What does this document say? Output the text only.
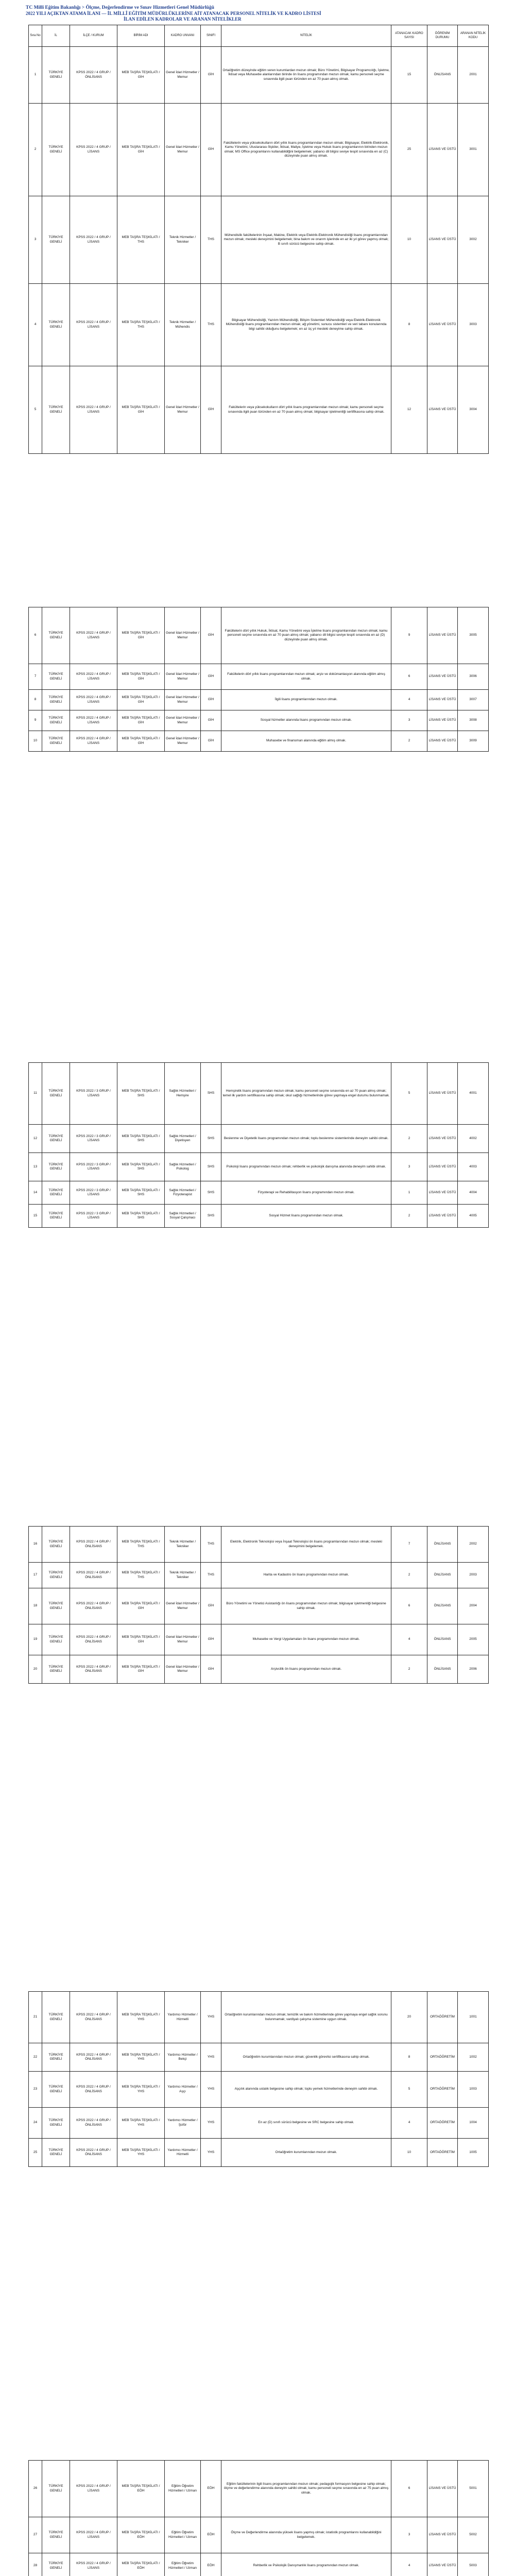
TC Millî Eğitim Bakanlığı > Ölçme, Değerlendirme ve Sınav Hizmetleri Genel Müdürlüğü
2022 YILI AÇIKTAN ATAMA İLANI — İL MİLLÎ EĞİTİM MÜDÜRLÜKLERİNE AİT ATANACAK PERSONEL NİTELİK VE KADRO LİSTESİ
İLAN EDİLEN KADROLAR VE ARANAN NİTELİKLER
Sıra No	İL	İLÇE / KURUM	BİRİM ADI	KADRO UNVANI	SINIFI	NİTELİK	ATANACAK KADRO SAYISI	ÖĞRENİM DURUMU	ARANAN NİTELİK KODU
1	TÜRKİYE GENELİ	KPSS 2022 / 4 GRUP / ÖNLİSANS	MEB TAŞRA TEŞKİLATI / GİH	Genel İdari Hizmetler / Memur	GİH	Ortaöğretim düzeyinde eğitim veren kurumlardan mezun olmak; Büro Yönetimi, Bilgisayar Programcılığı, İşletme, İktisat veya Muhasebe alanlarından birinde ön lisans programından mezun olmak; kamu personeli seçme sınavında ilgili puan türünden en az 70 puan almış olmak.	15	ÖNLİSANS	2001
2	TÜRKİYE GENELİ	KPSS 2022 / 4 GRUP / LİSANS	MEB TAŞRA TEŞKİLATI / GİH	Genel İdari Hizmetler / Memur	GİH	Fakültelerin veya yüksekokulların dört yıllık lisans programlarından mezun olmak; Bilgisayar, Elektrik-Elektronik, Kamu Yönetimi, Uluslararası İlişkiler, İktisat, Maliye, İşletme veya Hukuk lisans programlarının birinden mezun olmak; MS Office programlarını kullanabildiğini belgelemek; yabancı dil bilgisi seviye tespit sınavında en az (C) düzeyinde puan almış olmak.	25	LİSANS VE ÜSTÜ	3001
3	TÜRKİYE GENELİ	KPSS 2022 / 4 GRUP / LİSANS	MEB TAŞRA TEŞKİLATI / THS	Teknik Hizmetler / Tekniker	THS	Mühendislik fakültelerinin İnşaat, Makine, Elektrik veya Elektrik-Elektronik Mühendisliği lisans programlarından mezun olmak; mesleki deneyimini belgelemek; bina bakım ve onarım işlerinde en az iki yıl görev yapmış olmak; B sınıfı sürücü belgesine sahip olmak.	10	LİSANS VE ÜSTÜ	3002
4	TÜRKİYE GENELİ	KPSS 2022 / 4 GRUP / LİSANS	MEB TAŞRA TEŞKİLATI / THS	Teknik Hizmetler / Mühendis	THS	Bilgisayar Mühendisliği, Yazılım Mühendisliği, Bilişim Sistemleri Mühendisliği veya Elektrik-Elektronik Mühendisliği lisans programlarından mezun olmak; ağ yönetimi, sunucu sistemleri ve veri tabanı konularında bilgi sahibi olduğunu belgelemek; en az üç yıl mesleki deneyime sahip olmak.	8	LİSANS VE ÜSTÜ	3003
5	TÜRKİYE GENELİ	KPSS 2022 / 4 GRUP / LİSANS	MEB TAŞRA TEŞKİLATI / GİH	Genel İdari Hizmetler / Memur	GİH	Fakültelerin veya yüksekokulların dört yıllık lisans programlarından mezun olmak; kamu personeli seçme sınavında ilgili puan türünden en az 70 puan almış olmak; bilgisayar işletmenliği sertifikasına sahip olmak.	12	LİSANS VE ÜSTÜ	3004
6	TÜRKİYE GENELİ	KPSS 2022 / 4 GRUP / LİSANS	MEB TAŞRA TEŞKİLATI / GİH	Genel İdari Hizmetler / Memur	GİH	Fakültelerin dört yıllık Hukuk, İktisat, Kamu Yönetimi veya İşletme lisans programlarından mezun olmak; kamu personeli seçme sınavında en az 70 puan almış olmak; yabancı dil bilgisi seviye tespit sınavında en az (D) düzeyinde puan almış olmak.	9	LİSANS VE ÜSTÜ	3005
7	TÜRKİYE GENELİ	KPSS 2022 / 4 GRUP / LİSANS	MEB TAŞRA TEŞKİLATI / GİH	Genel İdari Hizmetler / Memur	GİH	Fakültelerin dört yıllık lisans programlarından mezun olmak; arşiv ve dokümantasyon alanında eğitim almış olmak.	6	LİSANS VE ÜSTÜ	3006
8	TÜRKİYE GENELİ	KPSS 2022 / 4 GRUP / LİSANS	MEB TAŞRA TEŞKİLATI / GİH	Genel İdari Hizmetler / Memur	GİH	İlgili lisans programlarından mezun olmak.	4	LİSANS VE ÜSTÜ	3007
9	TÜRKİYE GENELİ	KPSS 2022 / 4 GRUP / LİSANS	MEB TAŞRA TEŞKİLATI / GİH	Genel İdari Hizmetler / Memur	GİH	Sosyal hizmetler alanında lisans programından mezun olmak.	3	LİSANS VE ÜSTÜ	3008
10	TÜRKİYE GENELİ	KPSS 2022 / 4 GRUP / LİSANS	MEB TAŞRA TEŞKİLATI / GİH	Genel İdari Hizmetler / Memur	GİH	Muhasebe ve finansman alanında eğitim almış olmak.	2	LİSANS VE ÜSTÜ	3009
11	TÜRKİYE GENELİ	KPSS 2022 / 3 GRUP / LİSANS	MEB TAŞRA TEŞKİLATI / SHS	Sağlık Hizmetleri / Hemşire	SHS	Hemşirelik lisans programından mezun olmak; kamu personeli seçme sınavında en az 70 puan almış olmak; temel ilk yardım sertifikasına sahip olmak; okul sağlığı hizmetlerinde görev yapmaya engel durumu bulunmamak.	5	LİSANS VE ÜSTÜ	4001
12	TÜRKİYE GENELİ	KPSS 2022 / 3 GRUP / LİSANS	MEB TAŞRA TEŞKİLATI / SHS	Sağlık Hizmetleri / Diyetisyen	SHS	Beslenme ve Diyetetik lisans programından mezun olmak; toplu beslenme sistemlerinde deneyim sahibi olmak.	2	LİSANS VE ÜSTÜ	4002
13	TÜRKİYE GENELİ	KPSS 2022 / 3 GRUP / LİSANS	MEB TAŞRA TEŞKİLATI / SHS	Sağlık Hizmetleri / Psikolog	SHS	Psikoloji lisans programından mezun olmak; rehberlik ve psikolojik danışma alanında deneyim sahibi olmak.	3	LİSANS VE ÜSTÜ	4003
14	TÜRKİYE GENELİ	KPSS 2022 / 3 GRUP / LİSANS	MEB TAŞRA TEŞKİLATI / SHS	Sağlık Hizmetleri / Fizyoterapist	SHS	Fizyoterapi ve Rehabilitasyon lisans programından mezun olmak.	1	LİSANS VE ÜSTÜ	4004
15	TÜRKİYE GENELİ	KPSS 2022 / 3 GRUP / LİSANS	MEB TAŞRA TEŞKİLATI / SHS	Sağlık Hizmetleri / Sosyal Çalışmacı	SHS	Sosyal Hizmet lisans programından mezun olmak.	2	LİSANS VE ÜSTÜ	4005
16	TÜRKİYE GENELİ	KPSS 2022 / 4 GRUP / ÖNLİSANS	MEB TAŞRA TEŞKİLATI / THS	Teknik Hizmetler / Tekniker	THS	Elektrik, Elektronik Teknolojisi veya İnşaat Teknolojisi ön lisans programlarından mezun olmak; mesleki deneyimini belgelemek.	7	ÖNLİSANS	2002
17	TÜRKİYE GENELİ	KPSS 2022 / 4 GRUP / ÖNLİSANS	MEB TAŞRA TEŞKİLATI / THS	Teknik Hizmetler / Tekniker	THS	Harita ve Kadastro ön lisans programından mezun olmak.	2	ÖNLİSANS	2003
18	TÜRKİYE GENELİ	KPSS 2022 / 4 GRUP / ÖNLİSANS	MEB TAŞRA TEŞKİLATI / GİH	Genel İdari Hizmetler / Memur	GİH	Büro Yönetimi ve Yönetici Asistanlığı ön lisans programından mezun olmak; bilgisayar işletmenliği belgesine sahip olmak.	6	ÖNLİSANS	2004
19	TÜRKİYE GENELİ	KPSS 2022 / 4 GRUP / ÖNLİSANS	MEB TAŞRA TEŞKİLATI / GİH	Genel İdari Hizmetler / Memur	GİH	Muhasebe ve Vergi Uygulamaları ön lisans programından mezun olmak.	4	ÖNLİSANS	2005
20	TÜRKİYE GENELİ	KPSS 2022 / 4 GRUP / ÖNLİSANS	MEB TAŞRA TEŞKİLATI / GİH	Genel İdari Hizmetler / Memur	GİH	Arşivcilik ön lisans programından mezun olmak.	2	ÖNLİSANS	2006
21	TÜRKİYE GENELİ	KPSS 2022 / 4 GRUP / ÖNLİSANS	MEB TAŞRA TEŞKİLATI / YHS	Yardımcı Hizmetler / Hizmetli	YHS	Ortaöğretim kurumlarından mezun olmak; temizlik ve bakım hizmetlerinde görev yapmaya engel sağlık sorunu bulunmamak; vardiyalı çalışma sistemine uygun olmak.	20	ORTAÖĞRETİM	1001
22	TÜRKİYE GENELİ	KPSS 2022 / 4 GRUP / ÖNLİSANS	MEB TAŞRA TEŞKİLATI / YHS	Yardımcı Hizmetler / Bekçi	YHS	Ortaöğretim kurumlarından mezun olmak; güvenlik görevlisi sertifikasına sahip olmak.	8	ORTAÖĞRETİM	1002
23	TÜRKİYE GENELİ	KPSS 2022 / 4 GRUP / ÖNLİSANS	MEB TAŞRA TEŞKİLATI / YHS	Yardımcı Hizmetler / Aşçı	YHS	Aşçılık alanında ustalık belgesine sahip olmak; toplu yemek hizmetlerinde deneyim sahibi olmak.	5	ORTAÖĞRETİM	1003
24	TÜRKİYE GENELİ	KPSS 2022 / 4 GRUP / ÖNLİSANS	MEB TAŞRA TEŞKİLATI / YHS	Yardımcı Hizmetler / Şoför	YHS	En az (D) sınıfı sürücü belgesine ve SRC belgesine sahip olmak.	4	ORTAÖĞRETİM	1004
25	TÜRKİYE GENELİ	KPSS 2022 / 4 GRUP / ÖNLİSANS	MEB TAŞRA TEŞKİLATI / YHS	Yardımcı Hizmetler / Hizmetli	YHS	Ortaöğretim kurumlarından mezun olmak.	10	ORTAÖĞRETİM	1005
26	TÜRKİYE GENELİ	KPSS 2022 / 4 GRUP / LİSANS	MEB TAŞRA TEŞKİLATI / EÖH	Eğitim Öğretim Hizmetleri / Uzman	EÖH	Eğitim fakültelerinin ilgili lisans programlarından mezun olmak; pedagojik formasyon belgesine sahip olmak; ölçme ve değerlendirme alanında deneyim sahibi olmak; kamu personeli seçme sınavında en az 75 puan almış olmak.	6	LİSANS VE ÜSTÜ	5001
27	TÜRKİYE GENELİ	KPSS 2022 / 4 GRUP / LİSANS	MEB TAŞRA TEŞKİLATI / EÖH	Eğitim Öğretim Hizmetleri / Uzman	EÖH	Ölçme ve Değerlendirme alanında yüksek lisans yapmış olmak; istatistik programlarını kullanabildiğini belgelemek.	3	LİSANS VE ÜSTÜ	5002
28	TÜRKİYE GENELİ	KPSS 2022 / 4 GRUP / LİSANS	MEB TAŞRA TEŞKİLATI / EÖH	Eğitim Öğretim Hizmetleri / Uzman	EÖH	Rehberlik ve Psikolojik Danışmanlık lisans programından mezun olmak.	4	LİSANS VE ÜSTÜ	5003
